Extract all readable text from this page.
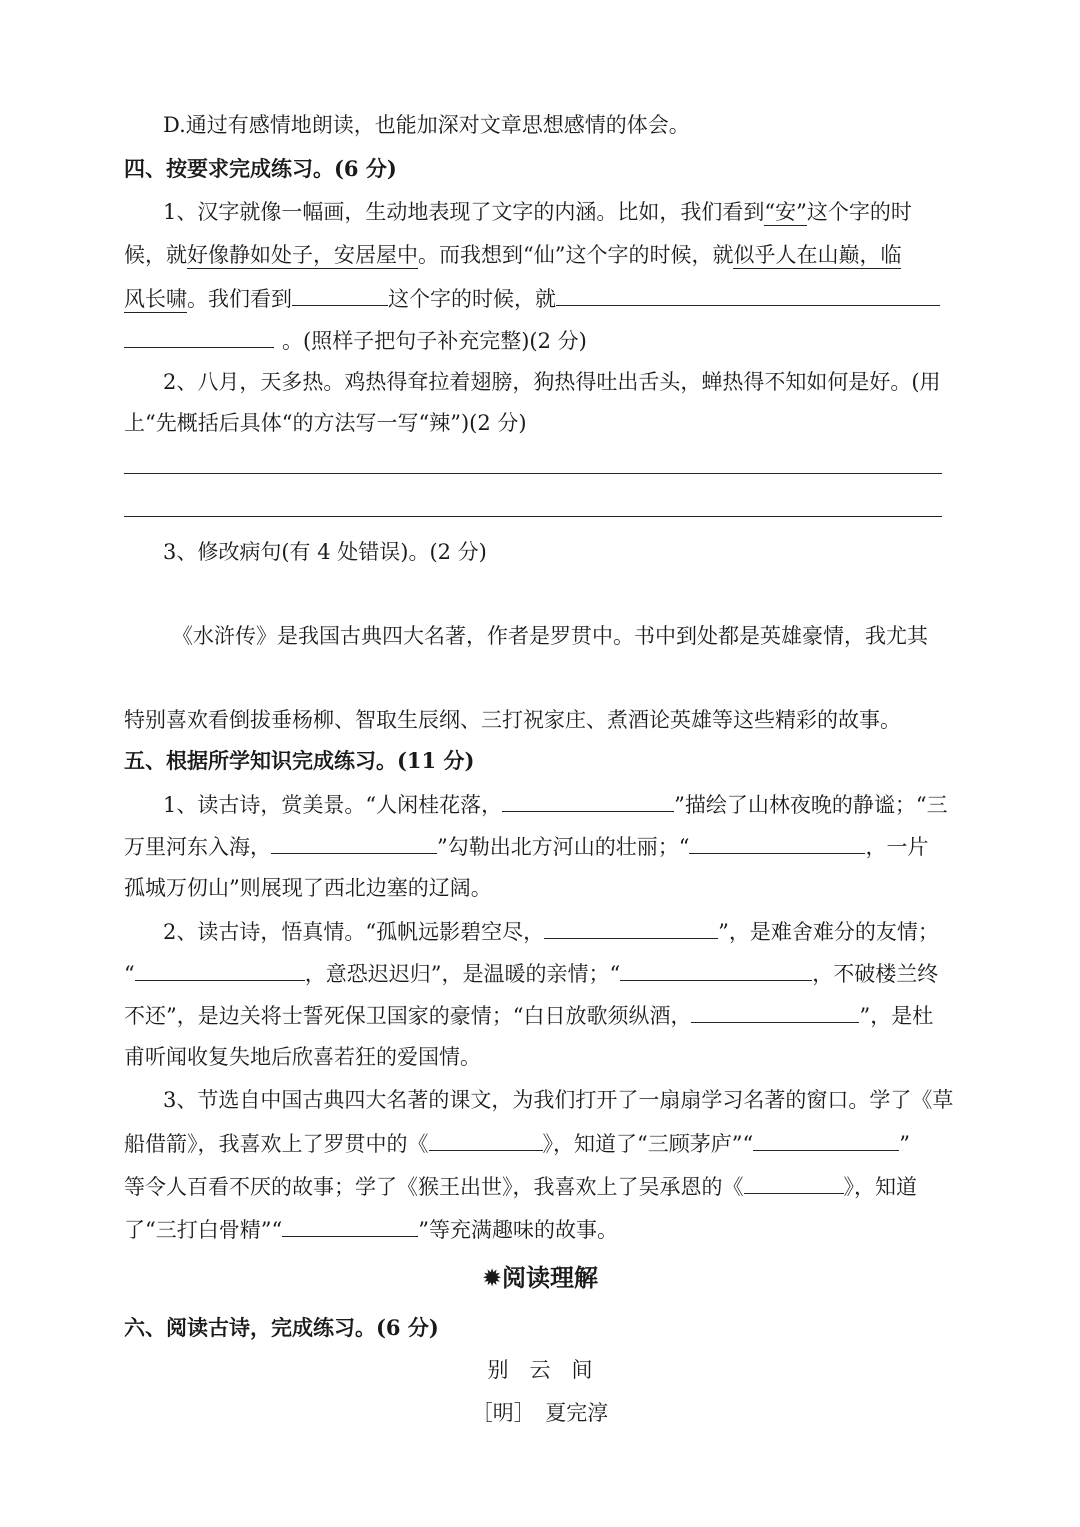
D.通过有感情地朗读，也能加深对文章思想感情的体会。
四、按要求完成练习。(6 分)
1、汉字就像一幅画，生动地表现了文字的内涵。比如，我们看到“安”这个字的时
候，就好像静如处子，安居屋中。而我想到“仙”这个字的时候，就似乎人在山巅，临
风长啸。我们看到	这个字的时候，就
。(照样子把句子补充完整)(2 分)
2、八月，天多热。鸡热得耷拉着翅膀，狗热得吐出舌头，蝉热得不知如何是好。(用
上“先概括后具体“的方法写一写“辣”)(2 分)
3、修改病句(有 4 处错误)。(2 分)
《水浒传》是我国古典四大名著，作者是罗贯中。书中到处都是英雄豪情，我尤其
特别喜欢看倒拔垂杨柳、智取生辰纲、三打祝家庄、煮酒论英雄等这些精彩的故事。
五、根据所学知识完成练习。(11 分)
1、读古诗，赏美景。“人闲桂花落，	”描绘了山林夜晚的静谧；“三
万里河东入海，	”勾勒出北方河山的壮丽；“	，一片
孤城万仞山”则展现了西北边塞的辽阔。
2、读古诗，悟真情。“孤帆远影碧空尽，	”，是难舍难分的友情；
“	，意恐迟迟归”，是温暖的亲情；“	，不破楼兰终
不还”，是边关将士誓死保卫国家的豪情；“白日放歌须纵酒，	”，是杜
甫听闻收复失地后欣喜若狂的爱国情。
3、节选自中国古典四大名著的课文，为我们打开了一扇扇学习名著的窗口。学了《草
船借箭》，我喜欢上了罗贯中的《	》，知道了“三顾茅庐”“	”
等令人百看不厌的故事；学了《猴王出世》，我喜欢上了吴承恩的《	》，知道
了“三打白骨精”“	”等充满趣味的故事。
✹阅读理解
六、阅读古诗，完成练习。(6 分)
别　云　间
［明］　夏完淳
